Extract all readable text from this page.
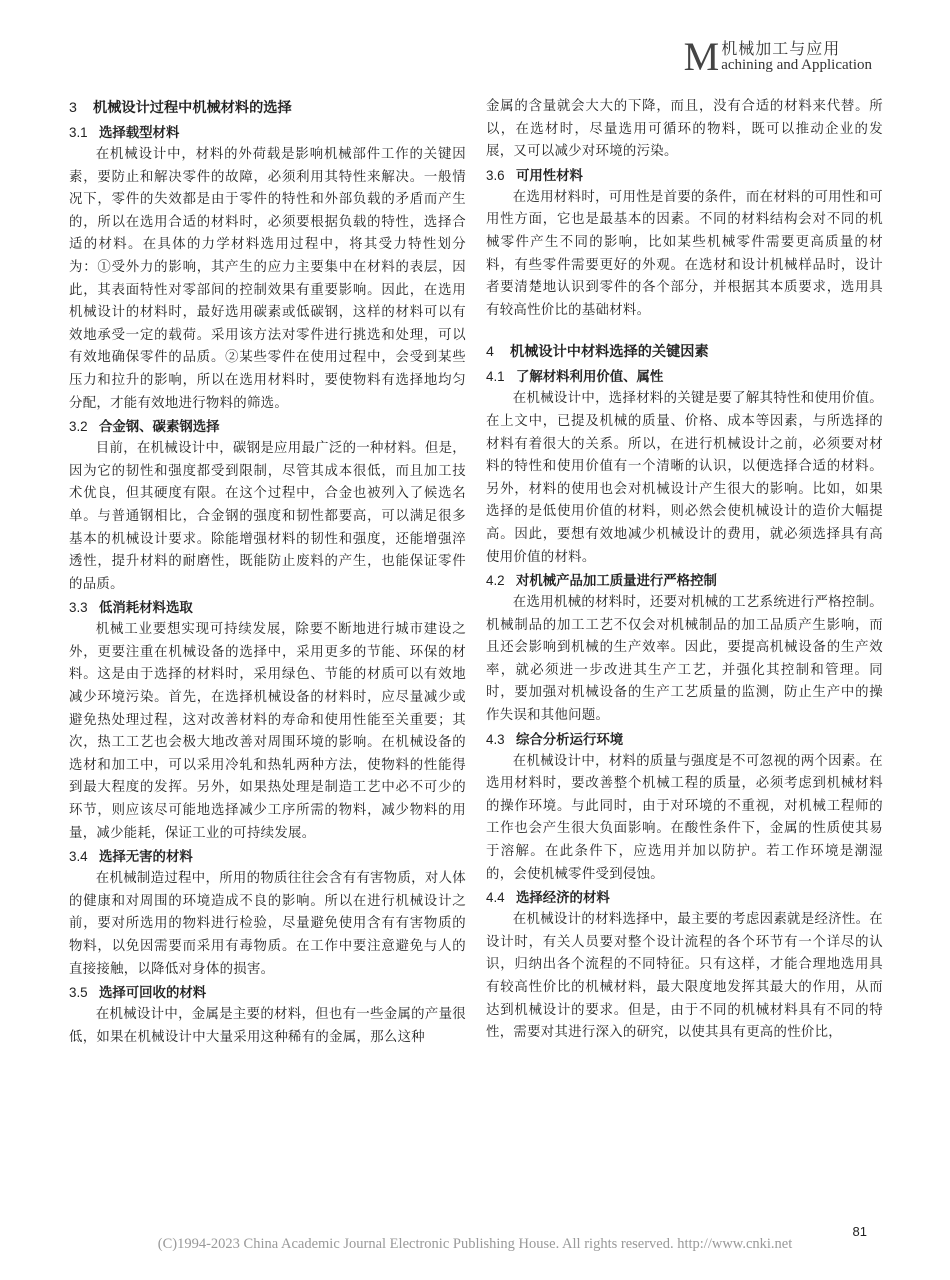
M 机械加工与应用
achining and Application
3 机械设计过程中机械材料的选择
3.1 选择载型材料

在机械设计中，材料的外荷载是影响机械部件工作的关键因素，要防止和解决零件的故障，必须利用其特性来解决。一般情况下，零件的失效都是由于零件的特性和外部负载的矛盾而产生的，所以在选用合适的材料时，必须要根据负载的特性，选择合适的材料。在具体的力学材料选用过程中，将其受力特性划分为：①受外力的影响，其产生的应力主要集中在材料的表层，因此，其表面特性对零部间的控制效果有重要影响。因此，在选用机械设计的材料时，最好选用碳素或低碳钢，这样的材料可以有效地承受一定的载荷。采用该方法对零件进行挑选和处理，可以有效地确保零件的品质。②某些零件在使用过程中，会受到某些压力和拉升的影响，所以在选用材料时，要使物料有选择地均匀分配，才能有效地进行物料的筛选。

3.2 合金钢、碳素钢选择

目前，在机械设计中，碳钢是应用最广泛的一种材料。但是，因为它的韧性和强度都受到限制，尽管其成本很低，而且加工技术优良，但其硬度有限。在这个过程中，合金也被列入了候选名单。与普通钢相比，合金钢的强度和韧性都要高，可以满足很多基本的机械设计要求。除能增强材料的韧性和强度，还能增强淬透性，提升材料的耐磨性，既能防止废料的产生，也能保证零件的品质。

3.3 低消耗材料选取

机械工业要想实现可持续发展，除要不断地进行城市建设之外，更要注重在机械设备的选择中，采用更多的节能、环保的材料。这是由于选择的材料时，采用绿色、节能的材质可以有效地减少环境污染。首先，在选择机械设备的材料时，应尽量减少或避免热处理过程，这对改善材料的寿命和使用性能至关重要；其次，热工工艺也会极大地改善对周围环境的影响。在机械设备的选材和加工中，可以采用冷轧和热轧两种方法，使物料的性能得到最大程度的发挥。另外，如果热处理是制造工艺中必不可少的环节，则应该尽可能地选择减少工序所需的物料，减少物料的用量，减少能耗，保证工业的可持续发展。

3.4 选择无害的材料

在机械制造过程中，所用的物质往往会含有有害物质，对人体的健康和对周围的环境造成不良的影响。所以在进行机械设计之前，要对所选用的物料进行检验，尽量避免使用含有有害物质的物料，以免因需要而采用有毒物质。在工作中要注意避免与人的直接接触，以降低对身体的损害。

3.5 选择可回收的材料

在机械设计中，金属是主要的材料，但也有一些金属的产量很低，如果在机械设计中大量采用这种稀有的金属，那么这种

金属的含量就会大大的下降，而且，没有合适的材料来代替。所以，在选材时，尽量选用可循环的物料，既可以推动企业的发展，又可以减少对环境的污染。

3.6 可用性材料

在选用材料时，可用性是首要的条件，而在材料的可用性和可用性方面，它也是最基本的因素。不同的材料结构会对不同的机械零件产生不同的影响，比如某些机械零件需要更高质量的材料，有些零件需要更好的外观。在选材和设计机械样品时，设计者要清楚地认识到零件的各个部分，并根据其本质要求，选用具有较高性价比的基础材料。

4 机械设计中材料选择的关键因素
4.1 了解材料利用价值、属性

在机械设计中，选择材料的关键是要了解其特性和使用价值。在上文中，已提及机械的质量、价格、成本等因素，与所选择的材料有着很大的关系。所以，在进行机械设计之前，必须要对材料的特性和使用价值有一个清晰的认识，以便选择合适的材料。另外，材料的使用也会对机械设计产生很大的影响。比如，如果选择的是低使用价值的材料，则必然会使机械设计的造价大幅提高。因此，要想有效地减少机械设计的费用，就必须选择具有高使用价值的材料。

4.2 对机械产品加工质量进行严格控制

在选用机械的材料时，还要对机械的工艺系统进行严格控制。机械制品的加工工艺不仅会对机械制品的加工品质产生影响，而且还会影响到机械的生产效率。因此，要提高机械设备的生产效率，就必须进一步改进其生产工艺，并强化其控制和管理。同时，要加强对机械设备的生产工艺质量的监测，防止生产中的操作失误和其他问题。

4.3 综合分析运行环境

在机械设计中，材料的质量与强度是不可忽视的两个因素。在选用材料时，要改善整个机械工程的质量，必须考虑到机械材料的操作环境。与此同时，由于对环境的不重视，对机械工程师的工作也会产生很大负面影响。在酸性条件下，金属的性质使其易于溶解。在此条件下，应选用并加以防护。若工作环境是潮湿的，会使机械零件受到侵蚀。

4.4 选择经济的材料

在机械设计的材料选择中，最主要的考虑因素就是经济性。在设计时，有关人员要对整个设计流程的各个环节有一个详尽的认识，归纳出各个流程的不同特征。只有这样，才能合理地选用具有较高性价比的机械材料，最大限度地发挥其最大的作用，从而达到机械设计的要求。但是，由于不同的机械材料具有不同的特性，需要对其进行深入的研究，以使其具有更高的性价比，

81
(C)1994-2023 China Academic Journal Electronic Publishing House. All rights reserved. http://www.cnki.net
